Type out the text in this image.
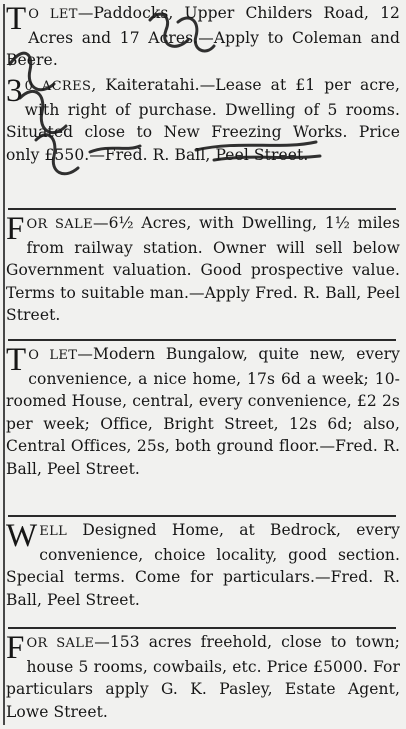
T O LET—Paddocks, Upper Childers Road, 12 Acres and 17 Acres.—Apply to Coleman and Beere.
3 0 ACRES, Kaiteratahi.—Lease at £1 per acre, with right of purchase. Dwelling of 5 rooms. Situated close to New Freezing Works. Price only £550.—Fred. R. Ball, Peel Street.
FOR SALE—6½ Acres, with Dwelling, 1½ miles from railway station. Owner will sell below Government valuation. Good prospective value. Terms to suitable man.—Apply Fred. R. Ball, Peel Street.
T O LET—Modern Bungalow, quite new, every convenience, a nice home, 17s 6d a week; 10-roomed House, central, every convenience, £2 2s per week; Office, Bright Street, 12s 6d; also, Central Offices, 25s, both ground floor.—Fred. R. Ball, Peel Street.
WELL Designed Home, at Bedrock, every convenience, choice locality, good section. Special terms. Come for particulars.—Fred. R. Ball, Peel Street.
FOR SALE—153 acres freehold, close to town; house 5 rooms, cowbails, etc. Price £5000. For particulars apply G. K. Pasley, Estate Agent, Lowe Street.
